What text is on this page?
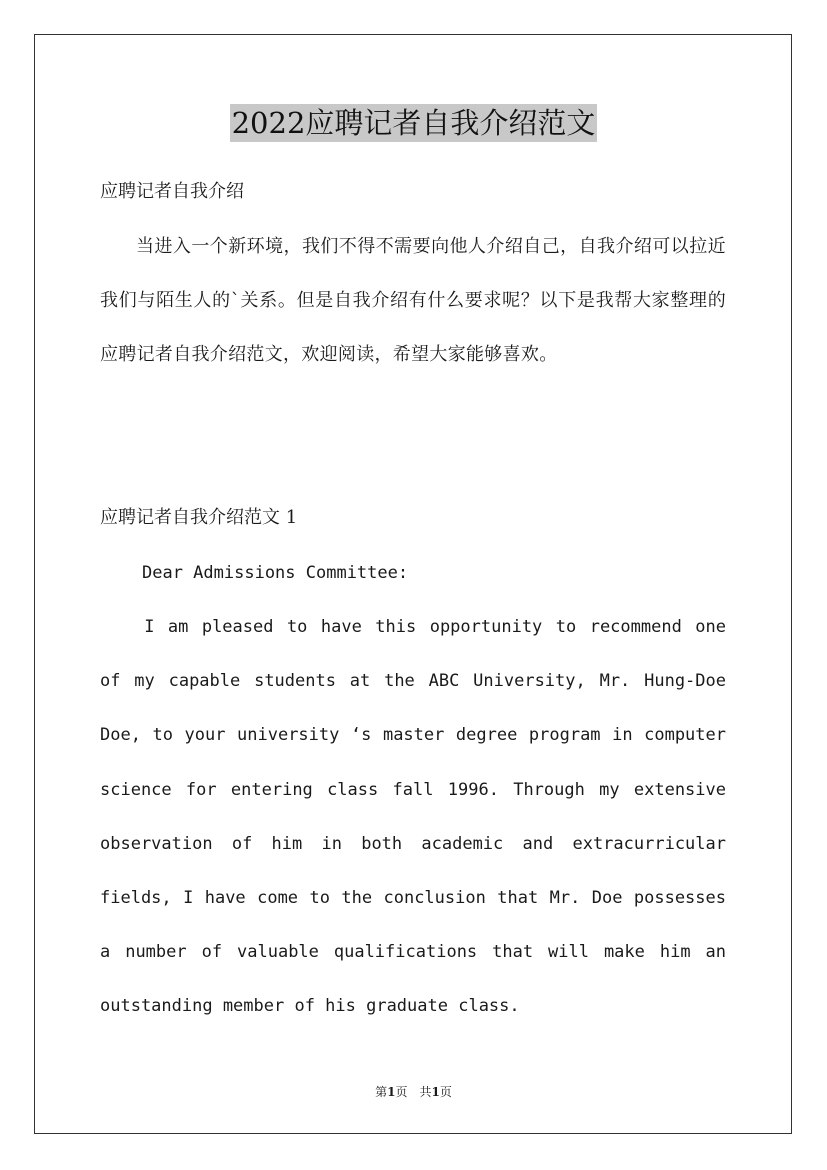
2022应聘记者自我介绍范文
应聘记者自我介绍
当进入一个新环境，我们不得不需要向他人介绍自己，自我介绍可以拉近我们与陌生人的`关系。但是自我介绍有什么要求呢？以下是我帮大家整理的应聘记者自我介绍范文，欢迎阅读，希望大家能够喜欢。
应聘记者自我介绍范文 1
Dear Admissions Committee:
I am pleased to have this opportunity to recommend one of my capable students at the ABC University, Mr. Hung-Doe Doe, to your university ‘s master degree program in computer science for entering class fall 1996. Through my extensive observation of him in both academic and extracurricular fields, I have come to the conclusion that Mr. Doe possesses a number of valuable qualifications that will make him an outstanding member of his graduate class.
第1页　共1页
